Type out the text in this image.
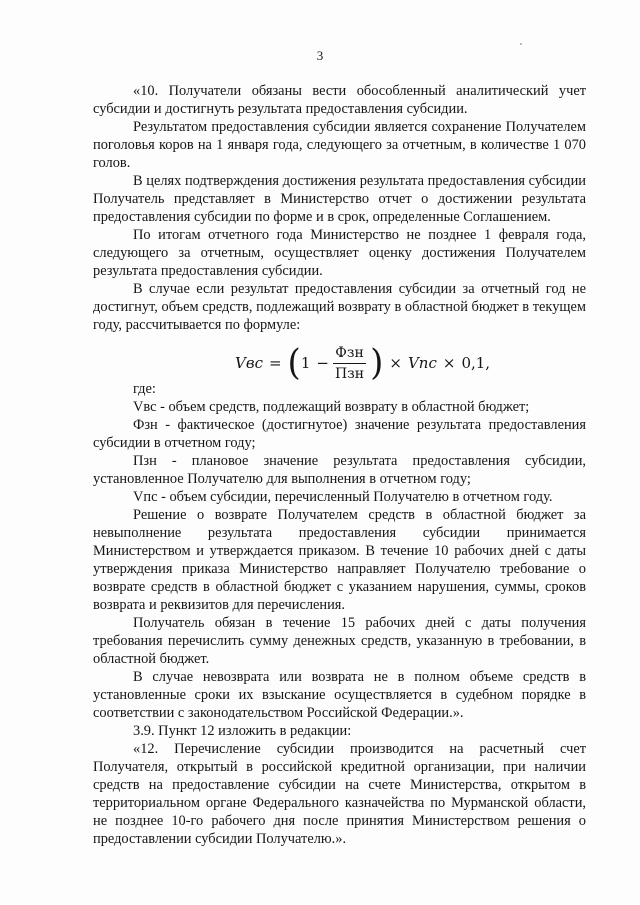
3

«10. Получатели обязаны вести обособленный аналитический учет субсидии и достигнуть результата предоставления субсидии.

Результатом предоставления субсидии является сохранение Получателем поголовья коров на 1 января года, следующего за отчетным, в количестве 1 070 голов.

В целях подтверждения достижения результата предоставления субсидии Получатель представляет в Министерство отчет о достижении результата предоставления субсидии по форме и в срок, определенные Соглашением.

По итогам отчетного года Министерство не позднее 1 февраля года, следующего за отчетным, осуществляет оценку достижения Получателем результата предоставления субсидии.

В случае если результат предоставления субсидии за отчетный год не достигнут, объем средств, подлежащий возврату в областной бюджет в текущем году, рассчитывается по формуле:

Vвс = ( $1 - \frac{\text{Фзн}}{\text{Пзн}}$ ) × Vпс × 0,1,

где:

Vвс - объем средств, подлежащий возврату в областной бюджет;

Фзн - фактическое (достигнутое) значение результата предоставления субсидии в отчетном году;

Пзн - плановое значение результата предоставления субсидии, установленное Получателю для выполнения в отчетном году;

Vпс - объем субсидии, перечисленный Получателю в отчетном году.

Решение о возврате Получателем средств в областной бюджет за невыполнение результата предоставления субсидии принимается Министерством и утверждается приказом. В течение 10 рабочих дней с даты утверждения приказа Министерство направляет Получателю требование о возврате средств в областной бюджет с указанием нарушения, суммы, сроков возврата и реквизитов для перечисления.

Получатель обязан в течение 15 рабочих дней с даты получения требования перечислить сумму денежных средств, указанную в требовании, в областной бюджет.

В случае невозврата или возврата не в полном объеме средств в установленные сроки их взыскание осуществляется в судебном порядке в соответствии с законодательством Российской Федерации.».

3.9. Пункт 12 изложить в редакции:

«12. Перечисление субсидии производится на расчетный счет Получателя, открытый в российской кредитной организации, при наличии средств на предоставление субсидии на счете Министерства, открытом в территориальном органе Федерального казначейства по Мурманской области, не позднее 10-го рабочего дня после принятия Министерством решения о предоставлении субсидии Получателю.».
